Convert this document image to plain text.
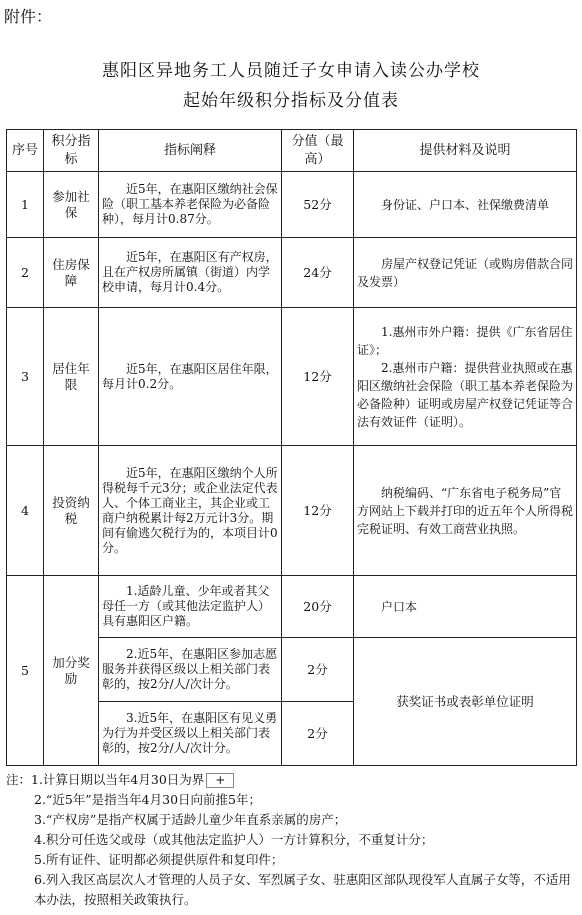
附件：
惠阳区异地务工人员随迁子女申请入读公办学校
起始年级积分指标及分值表
序号	积分指标	指标阐释	分值（最高）	提供材料及说明
1	参加社保	近5年，在惠阳区缴纳社会保险（职工基本养老保险为必备险种），每月计0.87分。	52分	身份证、户口本、社保缴费清单
2	住房保障	近5年，在惠阳区有产权房，且在产权房所属镇（街道）内学校申请，每月计0.4分。	24分	房屋产权登记凭证（或购房借款合同及发票）
3	居住年限	近5年，在惠阳区居住年限，每月计0.2分。	12分	1.惠州市外户籍：提供《广东省居住证》；
2.惠州市户籍：提供营业执照或在惠阳区缴纳社会保险（职工基本养老保险为必备险种）证明或房屋产权登记凭证等合法有效证件（证明）。

4	投资纳税	近5年，在惠阳区缴纳个人所得税每千元3分；或企业法定代表人、个体工商业主，其企业或工商户纳税累计每2万元计3分。期间有偷逃欠税行为的，本项目计0分。	12分	纳税编码、“广东省电子税务局”官方网站上下载并打印的近五年个人所得税完税证明、有效工商营业执照。
5	加分奖励	1.适龄儿童、少年或者其父母任一方（或其他法定监护人）具有惠阳区户籍。	20分	户口本
		2.近5年，在惠阳区参加志愿服务并获得区级以上相关部门表彰的，按2分/人/次计分。	2分	获奖证书或表彰单位证明
		3.近5年，在惠阳区有见义勇为行为并受区级以上相关部门表彰的，按2分/人/次计分。	2分	
注：1.计算日期以当年4月30日为界 +
2.“近5年”是指当年4月30日向前推5年；
3.“产权房”是指产权属于适龄儿童少年直系亲属的房产；
4.积分可任选父或母（或其他法定监护人）一方计算积分，不重复计分；
5.所有证件、证明都必须提供原件和复印件；
6.列入我区高层次人才管理的人员子女、军烈属子女、驻惠阳区部队现役军人直属子女等，不适用本办法，按照相关政策执行。
